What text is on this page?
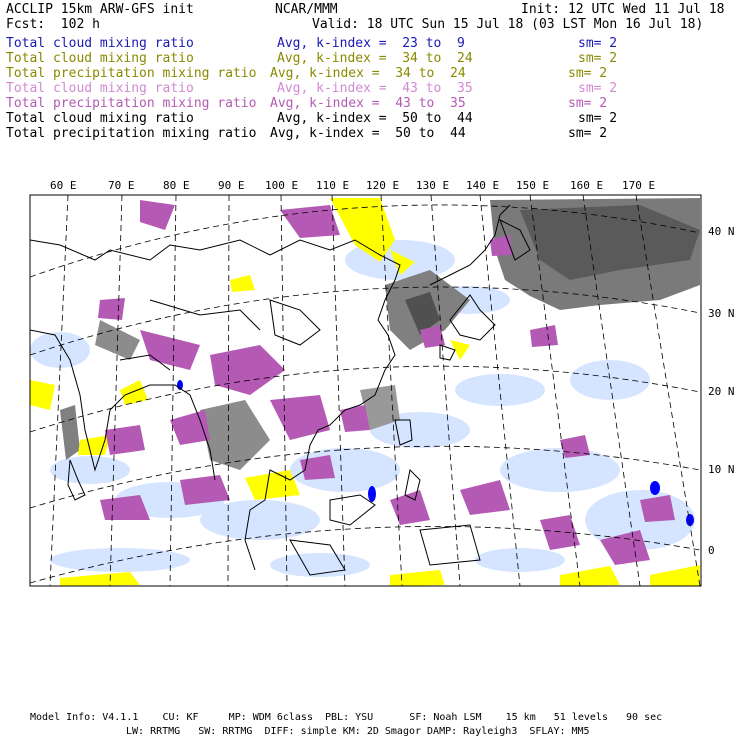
ACCLIP 15km ARW-GFS init	NCAR/MMM	Init: 12 UTC Wed 11 Jul 18
Fcst:  102 h	Valid: 18 UTC Sun 15 Jul 18 (03 LST Mon 16 Jul 18)
Total cloud mixing ratio	Avg, k-index =  23 to  9	sm= 2
Total cloud mixing ratio	Avg, k-index =  34 to  24	sm= 2
Total precipitation mixing ratio Avg, k-index =  34 to  24	sm= 2
Total cloud mixing ratio	Avg, k-index =  43 to  35	sm= 2
Total precipitation mixing ratio Avg, k-index =  43 to  35	sm= 2
Total cloud mixing ratio	Avg, k-index =  50 to  44	sm= 2
Total precipitation mixing ratio Avg, k-index =  50 to  44	sm= 2
60 E	70 E	80 E	90 E 100 E 110 E 120 E 130 E 140 E 150 E 160 E 170 E
40 N
30 N
20 N
10 N
0
Model Info: V4.1.1    CU: KF     MP: WDM 6class  PBL: YSU      SF: Noah LSM    15 km   51 levels   90 sec
LW: RRTMG   SW: RRTMG  DIFF: simple KM: 2D Smagor DAMP: Rayleigh3  SFLAY: MM5
